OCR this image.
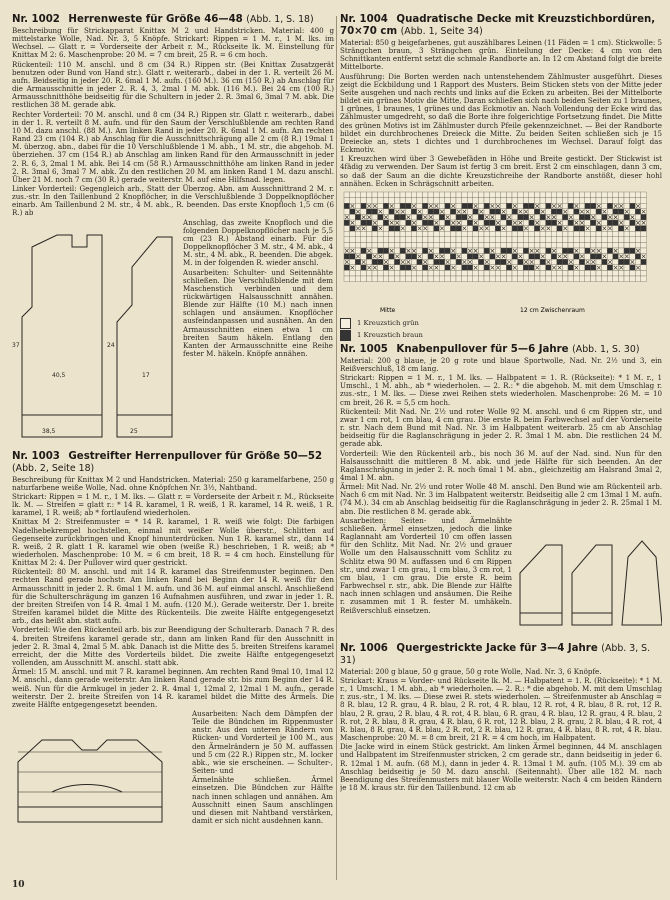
Nr. 1002 Herrenweste für Größe 46—48 (Abb. 1, S. 18)

Beschreibung für Strickapparat Knittax M 2 und Handstricken. Material: 400 g mittelstarke Wolle, Nad. Nr. 3, 5 Knöpfe. Strickart: Rippen = 1 M. r., 1 M. lks. im Wechsel. — Glatt r. = Vorderseite der Arbeit r. M., Rückseite lk. M. Einstellung für Knittax M 2: 6. Maschenprobe: 20 M. = 7 cm breit, 25 R. = 6 cm hoch.

Rückenteil: 110 M. anschl. und 8 cm (34 R.) Rippen str. (Bei Knittax Zusatzgerät benutzen oder Bund von Hand str.). Glatt r. weiterarb., dabei in der 1. R. verteilt 26 M. aufn. Beidseitig in jeder 20. R. 6mal 1 M. aufn. (160 M.). 36 cm (150 R.) ab Anschlag für die Armausschnitte in jeder 2. R. 4, 3, 2mal 1 M. abk. (116 M.). Bei 24 cm (100 R.) Armausschnitthöhe beidseitig für die Schultern in jeder 2. R. 3mal 6, 3mal 7 M. abk. Die restlichen 38 M. gerade abk.

Rechter Vorderteil: 70 M. anschl. und 8 cm (34 R.) Rippen str. Glatt r. weiterarb., dabei in der 1. R. verteilt 8 M. aufn. und für den Saum der Verschlußblende am rechten Rand 10 M. dazu anschl. (88 M.). Am linken Rand in jeder 20. R. 6mal 1 M. aufn. Am rechten Rand 23 cm (104 R.) ab Anschlag für die Ausschnittschrägung alle 2 cm (8 R.) 19mal 1 M. überzog. abn., dabei für die 10 Verschlußblende 1 M. abh., 1 M. str., die abgehob. M. überziehen. 37 cm (154 R.) ab Anschlag am linken Rand für den Armausschnitt in jeder 2. R. 6, 3, 2mal 1 M. abk. Bei 14 cm (58 R.) Armausschnitthöhe am linken Rand in jeder 2. R. 3mal 6, 3mal 7 M. abk. Zu den restlichen 20 M. am linken Rand 1 M. dazu anschl. Über 21 M. noch 7 cm (30 R.) gerade weiterstr. M. auf eine Hilfsnad. legen.

Linker Vorderteil: Gegengleich arb., Statt der Überzog. Abn. am Ausschnittrand 2 M. r. zus.-str. In den Taillenbund 2 Knopflöcher, in die Verschlußblende 3 Doppelknopflöcher einarb. Am Taillenbund 2 M. str., 4 M. abk., R. beenden. Das erste Knopfloch 1,5 cm (6 R.) ab

40,5	17
38,5	25
24
37

Anschlag, das zweite Knopfloch und die folgenden Doppelknopflöcher nach je 5,5 cm (23 R.) Abstand einarb. Für die Doppelknopflöcher 3 M. str., 4 M. abk., 4 M. str., 4 M. abk., R. beenden. Die abgek. M. in der folgenden R. wieder anschl.

Ausarbeiten: Schulter- und Seitennähte schließen. Die Verschlußblende mit dem Maschenstich verbinden und dem rückwärtigen Halsausschnitt annähen. Blende zur Hälfte (10 M.) nach innen schlagen und ansäumen. Knopflöcher ausfeindanpassen und ausnähen. An den Armausschnitten einen etwa 1 cm breiten Saum häkeln. Entlang den Kanten der Armausschnitte eine Reihe fester M. häkeln. Knöpfe annähen.

Nr. 1003 Gestreifter Herrenpullover für Größe 50—52 (Abb. 2, Seite 18)

Beschreibung für Knittax M 2 und Handstricken. Material: 250 g karamelfarbene, 250 g naturfarbene weiße Wolle, Nad. ohne Knöpfchen Nr. 3½, Nahtband.

Strickart: Rippen = 1 M. r., 1 M. lks. — Glatt r. = Vorderseite der Arbeit r. M., Rückseite lk. M. — Streifen = glatt r.: * 14 R. karamel, 1 R. weiß, 1 R. karamel, 14 R. weiß, 1 R. karamel, 1 R. weiß; ab * fortlaufend wiederholen.

Knittax M 2: Streifenmuster = * 14 R. karamel, 1 R. weiß wie folgt: Die farbigen Nadelhebekrempel hochstellen, einmal mit weißer Wolle überstr., Schlitten auf Gegenseite zurückbringen und Knopf hinunterdrücken. Nun 1 R. karamel str., dann 14 R. weiß, 2 R. glatt 1 R. karamel wie oben (weiße R.) beschrieben, 1 R. weiß; ab * wiederholen. Maschenprobe: 10 M. = 6 cm breit, 18 R. = 4 cm hoch. Einstellung für Knittax M 2: 4. Der Pullover wird quer gestrickt.

Rückenteil: 80 M. anschl. und mit 14 R. karamel das Streifenmuster beginnen. Den rechten Rand gerade hochstr. Am linken Rand bei Beginn der 14 R. weiß für den Armausschnitt in jeder 2. R. 6mal 1 M. aufn. und 36 M. auf einmal anschl. Anschließend für die Schulterschrägung im ganzen 16 Aufnahmen ausführen, und zwar in jeder 1. R. der breiten Streifen von 14 R. 4mal 1 M. aufn. (120 M.). Gerade weiterstr. Der 1. breite Streifen karamel bildet die Mitte des Rückenteils. Die zweite Hälfte entgegengesetzt arb., das heißt abn. statt aufn.

Vorderteil: Wie den Rückenteil arb. bis zur Beendigung der Schulterarb. Danach 7 R. des 4. breiten Streifens karamel gerade str., dann am linken Rand für den Ausschnitt in jeder 2. R. 3mal 4, 2mal 5 M. abk. Danach ist die Mitte des 5. breiten Streifens karamel erreicht, der die Mitte des Vorderteils bildet. Die zweite Hälfte entgegengesetzt vollenden, am Ausschnitt M. anschl. statt abk.

Ärmel: 15 M. anschl. und mit 7 R. karamel beginnen. Am rechten Rand 9mal 10, 1mal 12 M. anschl., dann gerade weiterstr. Am linken Rand gerade str. bis zum Beginn der 14 R. weiß. Nun für die Armkugel in jeder 2. R. 4mal 1, 12mal 2, 12mal 1 M. aufn., gerade weiterstr. Der 2. breite Streifen von 14 R. karamel bildet die Mitte des Ärmels. Die zweite Hälfte entgegengesetzt beenden.

Ausarbeiten: Nach dem Dämpfen der Teile die Bündchen im Rippenmuster anstr. Aus den unteren Rändern von Rücken- und Vorderteil je 100 M., aus den Ärmelrändern je 50 M. auffassen und 5 cm (22 R.) Rippen str., M. locker abk., wie sie erscheinen. — Schulter-, Seiten- und

Ärmelnähte schließen. Ärmel einsetzen. Die Bündchen zur Hälfte nach innen schlagen und annähen. Am Ausschnitt einen Saum anschlingen und diesen mit Nahtband verstärken, damit er sich nicht ausdehnen kann.

Nr. 1004 Quadratische Decke mit Kreuzstichbordüren, 70×70 cm (Abb. 1, Seite 34)

Material: 850 g beigefarbenes, gut auszählbares Leinen (11 Fäden = 1 cm). Stickwolle: 5 Strängchen braun, 3 Strängchen grün. Einteilung der Decke: 4 cm von den Schnittkanten entfernt setzt die schmale Randborte an. In 12 cm Abstand folgt die breite Mittelborte.

Ausführung: Die Borten werden nach untenstehendem Zählmuster ausgeführt. Dieses zeigt die Eckbildung und 1 Rapport des Musters. Beim Sticken stets von der Mitte jeder Seite ausgehen und nach rechts und links auf die Ecken zu arbeiten. Bei der Mittelborte bildet ein grünes Motiv die Mitte, Daran schließen sich nach beiden Seiten zu 1 braunes, 1 grünes, 1 braunes, 1 grünes und das Eckmotiv an. Nach Vollendung der Ecke wird das Zählmuster umgedreht, so daß die Borte ihre folgerichtige Fortsetzung findet. Die Mitte des grünen Motivs ist im Zählmuster durch Pfeile gekennzeichnet. — Bei der Randborte bildet ein durchbrochenes Dreieck die Mitte. Zu beiden Seiten schließen sich je 15 Dreiecke an, stets 1 dichtes und 1 durchbrochenes im Wechsel. Darauf folgt das Eckmotiv.

1 Kreuzchen wird über 3 Gewebefäden in Höhe und Breite gestickt. Der Stickwist ist 4fädig zu verwenden. Der Saum ist fertig 3 cm breit. Erst 2 cm einschlagen, dann 3 cm, so daß der Saum an die dichte Kreuzstichreihe der Randborte anstößt, dieser hohl annähen. Ecken in Schrägschnitt arbeiten.

Mitte	12 cm Zwischenraum
1 Kreuzstich grün
1 Kreuzstich braun
Nr. 1005 Knabenpullover für 5—6 Jahre (Abb. 1, S. 30)

Material: 200 g blaue, je 20 g rote und blaue Sportwolle, Nad. Nr. 2½ und 3, ein Reißverschluß, 18 cm lang.

Strickart: Rippen = 1 M. r., 1 M. lks. — Halbpatent = 1. R. (Rückseite): * 1 M. r., 1 Umschl., 1 M. abh., ab * wiederholen. — 2. R.: * die abgehob. M. mit dem Umschlag r. zus.-str., 1 M. lks. — Diese zwei Reihen stets wiederholen. Maschenprobe: 26 M. = 10 cm breit, 26 R. = 5,5 cm hoch.

Rückenteil: Mit Nad. Nr. 2½ und roter Wolle 92 M. anschl. und 6 cm Rippen str., und zwar 1 cm rot, 1 cm blau, 4 cm grau. Die erste R. beim Farbwechsel auf der Vorderseite r. str. Nach dem Bund mit Nad. Nr. 3 im Halbpatent weiterarb. 25 cm ab Anschlag beidseitig für die Raglanschrägung in jeder 2. R. 3mal 1 M. abn. Die restlichen 24 M. gerade abk.

Vorderteil: Wie den Rückenteil arb., bis noch 36 M. auf der Nad. sind. Nun für den Halsausschnitt die mittleren 8 M. abk. und jede Hälfte für sich beenden. An der Raglanschrägung in jeder 2. R. noch 6mal 1 M. abn., gleichzeitig am Halsrand 3mal 2, 4mal 1 M. abn.

Ärmel: Mit Nad. Nr. 2½ und roter Wolle 48 M. anschl. Den Bund wie am Rückenteil arb. Nach 6 cm mit Nad. Nr. 3 im Halbpatent weiterstr. Beidseitig alle 2 cm 13mal 1 M. aufn. (74 M.). 34 cm ab Anschlag beidseitig für die Raglanschrägung in jeder 2. R. 25mal 1 M. abn. Die restlichen 8 M. gerade abk.

Ausarbeiten: Seiten- und Ärmelnähte schließen. Ärmel einsetzen, jedoch die linke Raglannaht am Vorderteil 10 cm offen lassen für den Schlitz. Mit Nad. Nr. 2½ und grauer Wolle um den Halsausschnitt vom Schlitz zu Schlitz etwa 90 M. auffassen und 6 cm Rippen str., und zwar 1 cm grau, 1 cm blau, 3 cm rot, 1 cm blau, 1 cm grau. Die erste R. beim Farbwechsel r. str., abk. Die Blende zur Hälfte nach innen schlagen und ansäumen. Die Reihe r. zusammen mit 1 R. fester M. umhäkeln. Reißverschluß einsetzen.

Nr. 1006 Quergestrickte Jacke für 3—4 Jahre (Abb. 3, S. 31)

Material: 200 g blaue, 50 g graue, 50 g rote Wolle, Nad. Nr. 3, 6 Knöpfe.

Strickart: Kraus = Vorder- und Rückseite lk. M. — Halbpatent = 1. R. (Rückseite): * 1 M. r., 1 Umschl., 1 M. abh., ab * wiederholen. — 2. R.: * die abgehob. M. mit dem Umschlag r. zus.-str., 1 M. lks. — Diese zwei R. stets wiederholen. — Streifenmuster ab Anschlag = 8 R. blau, 12 R. grau, 4 R. blau, 2 R. rot, 4 R. blau, 12 R. rot, 4 R. blau, 8 R. rot, 12 R. blau, 2 R. grau, 2 R. blau, 4 R. rot, 4 R. blau, 6 R. grau, 4 R. blau, 12 R. grau, 4 R. blau, 2 R. rot, 2 R. blau, 8 R. grau, 4 R. blau, 6 R. rot, 12 R. blau, 2 R. grau, 2 R. blau, 4 R. rot, 4 R. blau, 8 R. grau, 4 R. blau, 2 R. rot, 2 R. blau, 12 R. grau, 4 R. blau, 8 R. rot, 4 R. blau. Maschenprobe: 20 M. = 8 cm breit, 21 R. = 4 cm hoch, im Halbpatent.

Die Jacke wird in einem Stück gestrickt. Am linken Ärmel beginnen, 44 M. anschlagen und Halbpatent im Streifenmuster stricken, 2 cm gerade str., dann beidseitig in jeder 6. R. 12mal 1 M. aufn. (68 M.), dann in jeder 4. R. 13mal 1 M. aufn. (105 M.). 39 cm ab Anschlag beidseitig je 50 M. dazu anschl. (Seitennaht). Über alle 182 M. nach Beendigung des Streifenmusters mit blauer Wolle weiterstr. Nach 4 cm beiden Rändern je 18 M. kraus str. für den Taillenbund. 12 cm ab

10
